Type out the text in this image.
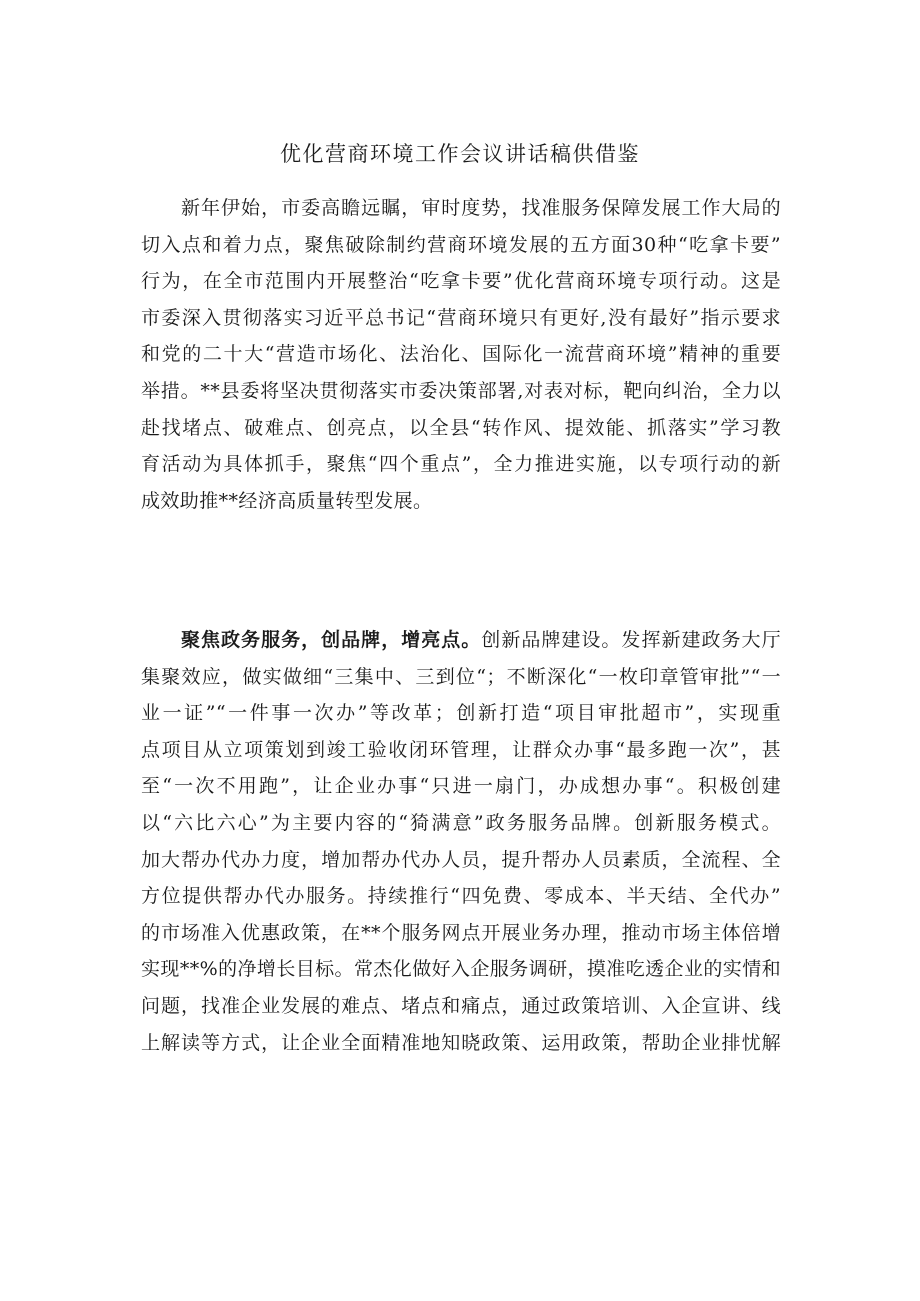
优化营商环境工作会议讲话稿供借鉴
新年伊始，市委高瞻远瞩，审时度势，找准服务保障发展工作大局的
切入点和着力点，聚焦破除制约营商环境发展的五方面30种“吃拿卡要”
行为，在全市范围内开展整治“吃拿卡要”优化营商环境专项行动。这是
市委深入贯彻落实习近平总书记“营商环境只有更好,没有最好”指示要求
和党的二十大“营造市场化、法治化、国际化一流营商环境”精神的重要
举措。**县委将坚决贯彻落实市委决策部署,对表对标，靶向纠治，全力以
赴找堵点、破难点、创亮点，以全县“转作风、提效能、抓落实”学习教
育活动为具体抓手，聚焦“四个重点”，全力推进实施，以专项行动的新
成效助推**经济高质量转型发展。
聚焦政务服务，创品牌，增亮点。创新品牌建设。发挥新建政务大厅
集聚效应，做实做细“三集中、三到位“；不断深化“一枚印章管审批”“一
业一证”“一件事一次办”等改革；创新打造“项目审批超市”，实现重
点项目从立项策划到竣工验收闭环管理，让群众办事“最多跑一次”，甚
至“一次不用跑”，让企业办事“只进一扇门，办成想办事“。积极创建
以“六比六心”为主要内容的“猗满意”政务服务品牌。创新服务模式。
加大帮办代办力度，增加帮办代办人员，提升帮办人员素质，全流程、全
方位提供帮办代办服务。持续推行“四免费、零成本、半天结、全代办”
的市场准入优惠政策，在**个服务网点开展业务办理，推动市场主体倍增
实现**%的净增长目标。常杰化做好入企服务调研，摸准吃透企业的实情和
问题，找准企业发展的难点、堵点和痛点，通过政策培训、入企宣讲、线
上解读等方式，让企业全面精准地知晓政策、运用政策，帮助企业排忧解
